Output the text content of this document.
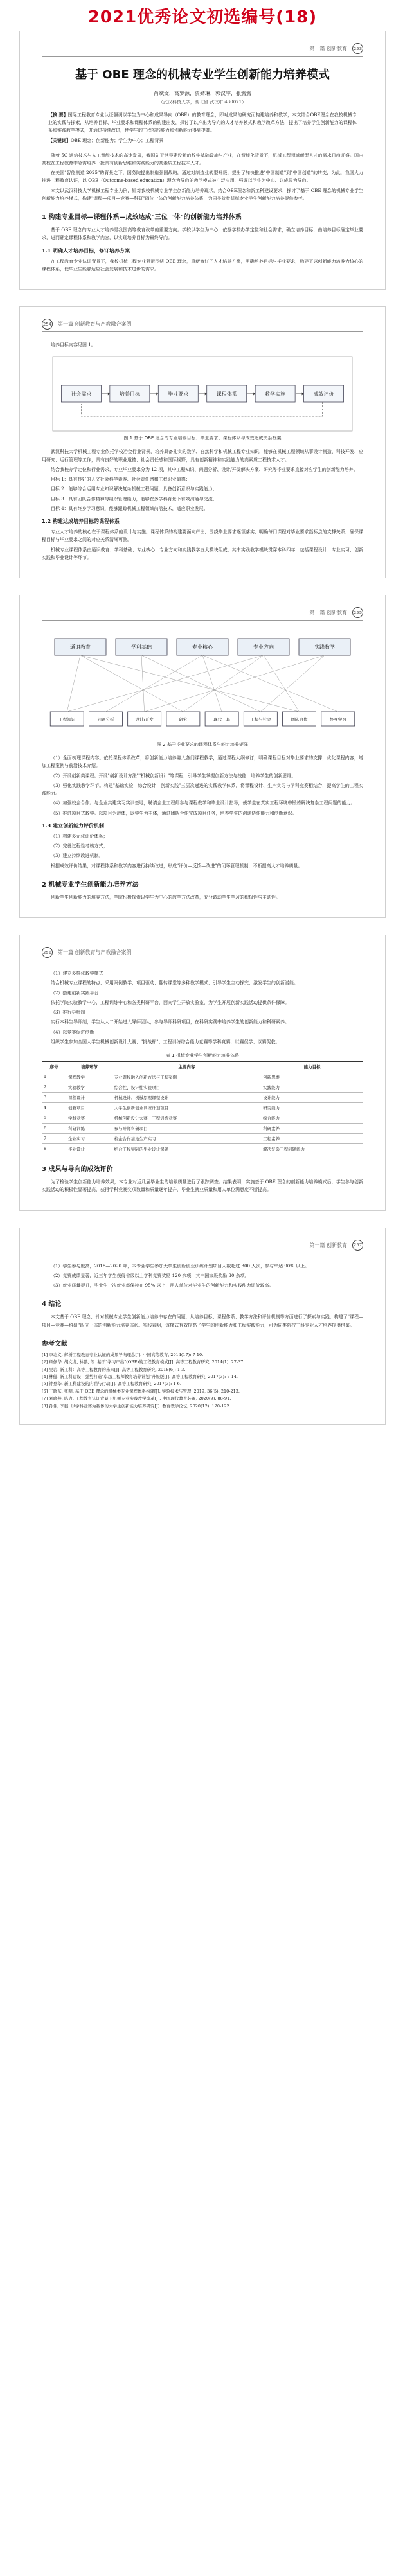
2021优秀论文初选编号(18)
第一篇 创新教育 253
基于 OBE 理念的机械专业学生创新能力培养模式
肖斌文，高梦源，贾婧琳，郭汉宇，张露露
（武汉科技大学，湖北省 武汉市 430071）
【摘 要】国际工程教育专业认证强调以学生为中心和成果导向（OBE）的教育理念，即对成果的研究而构建培养和教学，本文结合OBE理念在我校机械专业的实践与探索，从培养目标、毕业要求和课程体系的构建出发，探讨了以产出为导向的人才培养模式和教学改革方法，提出了培养学生创新能力的课程体系和实践教学模式，并通过持续改进，使学生的工程实践能力和创新能力得到提高。
【关键词】OBE 理念；创新能力；学生为中心；工程背景

随着 5G 通信技术与人工智能技术的高速发展，我国先于世界建设新的数字基础设施与产业，在智能化背景下，机械工程领域新型人才的需求日趋旺盛。国内高校在工程教育中急需培养一批具有创新思维和实践能力的高素质工程技术人才。

在美国"智能制造 2025"的背景之下，国务院提出制造强国战略，通过对制造业转型升级，提出了加快推进"中国制造"到"中国创造"的转变，为此，我国大力推进工程教育认证，以 OBE（Outcome-based education）理念为导向的教学模式被广泛应用，强调以学生为中心、以成果为导向。

本文以武汉科技大学机械工程专业为例，针对我校机械专业学生创新能力培养现状，结合OBE理念和新工科建设要求，探讨了基于 OBE 理念的机械专业学生创新能力培养模式，构建"课程—项目—竞赛—科研"四位一体的创新能力培养体系，为同类院校机械专业学生创新能力培养提供参考。

1 构建专业目标—课程体系—成效达成"三位一体"的创新能力培养体系

基于 OBE 理念的专业人才培养是我国高等教育改革的重要方向。学校以学生为中心，依据学校办学定位和社会需求，确立培养目标，由培养目标确定毕业要求，进而确定课程体系和教学内容，以实现培养目标为最终导向。

1.1 明确人才培养目标，修订培养方案

在工程教育专业认证背景下，我校机械工程专业紧紧围绕 OBE 理念，重新修订了人才培养方案，明确培养目标与毕业要求，构建了以创新能力培养为核心的课程体系，使毕业生能够适应社会发展和技术进步的需求。

254 第一篇 创新教育与产教融合案例

培养目标内容见图 1。

社会需求	培养目标	毕业要求	课程体系	教学实施	成效评价
图 1 基于 OBE 理念的专业培养目标、毕业要求、课程体系与成效达成关系框架

武汉科技大学机械工程专业依托学校冶金行业背景，培养具备扎实的数学、自然科学和机械工程专业知识，能够在机械工程领域从事设计制造、科技开发、应用研究、运行管理等工作，具有良好的职业道德、社会责任感和国际视野，具有创新精神和实践能力的高素质工程技术人才。

结合我校办学定位和行业需求，专业毕业要求分为 12 项，其中工程知识、问题分析、设计/开发解决方案、研究等毕业要求直接对应学生的创新能力培养。

目标 1：具有良好的人文社会科学素养、社会责任感和工程职业道德；

目标 2：能够综合运用专业知识解决复杂机械工程问题，具备创新意识与实践能力；

目标 3：具有团队合作精神与组织管理能力，能够在多学科背景下有效沟通与交流；

目标 4：具有终身学习意识，能够跟踪机械工程领域前沿技术，适应职业发展。

1.2 构建达成培养目标的课程体系

专业人才培养的核心在于课程体系的设计与实施。课程体系的构建要面向产出，围绕毕业要求逐项落实，明确每门课程对毕业要求指标点的支撑关系，确保课程目标与毕业要求之间的对应关系清晰可测。

机械专业课程体系由通识教育、学科基础、专业核心、专业方向和实践教学五大模块组成，其中实践教学模块贯穿本科四年，包括课程设计、专业实习、创新实践和毕业设计等环节。

第一篇 创新教育 255
通识教育	学科基础	专业核心	专业方向	实践教学
工程知识	问题分析	设计/开发	研究	现代工具	工程与社会	团队合作	终身学习
图 2 基于毕业要求的课程体系与能力培养矩阵

（1）全面梳理课程内容。依托课程体系改革，将创新能力培养融入各门课程教学，通过课程大纲修订，明确课程目标对毕业要求的支撑，优化课程内容，增加工程案例与前沿技术介绍。

（2）开设创新类课程。开设"创新设计方法""机械创新设计"等课程，引导学生掌握创新方法与技能，培养学生的创新思维。

（3）强化实践教学环节。构建"基础实验—综合设计—创新实践"三层次递进的实践教学体系，将课程设计、生产实习与学科竞赛相结合，提高学生的工程实践能力。

（4）加强校企合作。与企业共建实习实训基地，聘请企业工程师参与课程教学和毕业设计指导，使学生在真实工程环境中锻炼解决复杂工程问题的能力。

（5）推进项目式教学。以项目为载体，以学生为主体，通过团队合作完成项目任务，培养学生的沟通协作能力和创新意识。

1.3 建立创新能力评价机制

（1）构建多元化评价体系；

（2）完善过程性考核方式；

（3）建立持续改进机制。

根据成效评价结果，对课程体系和教学内容进行持续改进，形成"评价—反馈—改进"的闭环管理机制，不断提高人才培养质量。

2 机械专业学生创新能力培养方法

创新学生创新能力的培养方法，学院积极探索以学生为中心的教学方法改革，充分调动学生学习的积极性与主动性。

256 第一篇 创新教育与产教融合案例

（1）建立多样化教学模式

结合机械专业课程的特点，采用案例教学、项目驱动、翻转课堂等多种教学模式，引导学生主动探究，激发学生的创新潜能。

（2）搭建创新实践平台

依托学院实验教学中心、工程训练中心和各类科研平台，面向学生开放实验室，为学生开展创新实践活动提供条件保障。

（3）推行导师制

实行本科生导师制，学生从大二开始进入导师团队，参与导师科研项目，在科研实践中培养学生的创新能力和科研素养。

（4）以竞赛促进创新

组织学生参加全国大学生机械创新设计大赛、"挑战杯"、工程训练综合能力竞赛等学科竞赛，以赛促学、以赛促教。

表 1 机械专业学生创新能力培养体系
序号	培养环节	主要内容	能力目标
1	课程教学	专业课程融入创新方法与工程案例	创新思维
2	实验教学	综合性、设计性实验项目	实践能力
3	课程设计	机械设计、机械原理课程设计	设计能力
4	创新项目	大学生创新创业训练计划项目	研究能力
5	学科竞赛	机械创新设计大赛、工程训练竞赛	综合能力
6	科研训练	参与导师科研项目	科研素养
7	企业实习	校企合作基地生产实习	工程素养
8	毕业设计	结合工程实际的毕业设计课题	解决复杂工程问题能力
3 成果与导向的成效评价

为了检验学生创新能力培养效果，本专业对近几届毕业生的培养质量进行了跟踪调查。结果表明，实施基于 OBE 理念的创新能力培养模式后，学生参与创新实践活动的积极性显著提高，获得学科竞赛奖项数量和质量逐年提升，毕业生就业质量和用人单位满意度不断提高。

第一篇 创新教育 257

（1）学生参与度高，2018—2020 年，本专业学生参加大学生创新创业训练计划项目人数超过 300 人次，参与率达 90% 以上。

（2）竞赛成绩显著，近三年学生获得省级以上学科竞赛奖励 120 余项，其中国家级奖励 30 余项。

（3）就业质量提升，毕业生一次就业率保持在 95% 以上，用人单位对毕业生的创新能力和实践能力评价较高。

4 结论

本文基于 OBE 理念，针对机械专业学生创新能力培养中存在的问题，从培养目标、课程体系、教学方法和评价机制等方面进行了探索与实践，构建了"课程—项目—竞赛—科研"四位一体的创新能力培养体系。实践表明，该模式有效提高了学生的创新能力和工程实践能力，可为同类院校工科专业人才培养提供借鉴。

参考文献
[1] 李志义. 解析工程教育专业认证的成果导向理念[J]. 中国高等教育, 2014(17): 7-10.
[2] 顾佩华, 胡文龙, 林鹏, 等. 基于"学习产出"(OBE)的工程教育模式[J]. 高等工程教育研究, 2014(1): 27-37.
[3] 吴岩. 新工科：高等工程教育的未来[J]. 高等工程教育研究, 2018(6): 1-3.
[4] 林健. 新工科建设：强势打造"卓越工程师教育培养计划"升级版[J]. 高等工程教育研究, 2017(3): 7-14.
[5] 钟登华. 新工科建设的内涵与行动[J]. 高等工程教育研究, 2017(3): 1-6.
[6] 王晓东, 张明. 基于 OBE 理念的机械类专业课程体系构建[J]. 实验技术与管理, 2019, 36(5): 210-213.
[7] 刘晓燕, 陈力. 工程教育认证背景下机械专业实践教学改革[J]. 中国现代教育装备, 2020(9): 88-91.
[8] 孙伟, 李强. 以学科竞赛为载体的大学生创新能力培养研究[J]. 教育教学论坛, 2020(12): 120-122.
